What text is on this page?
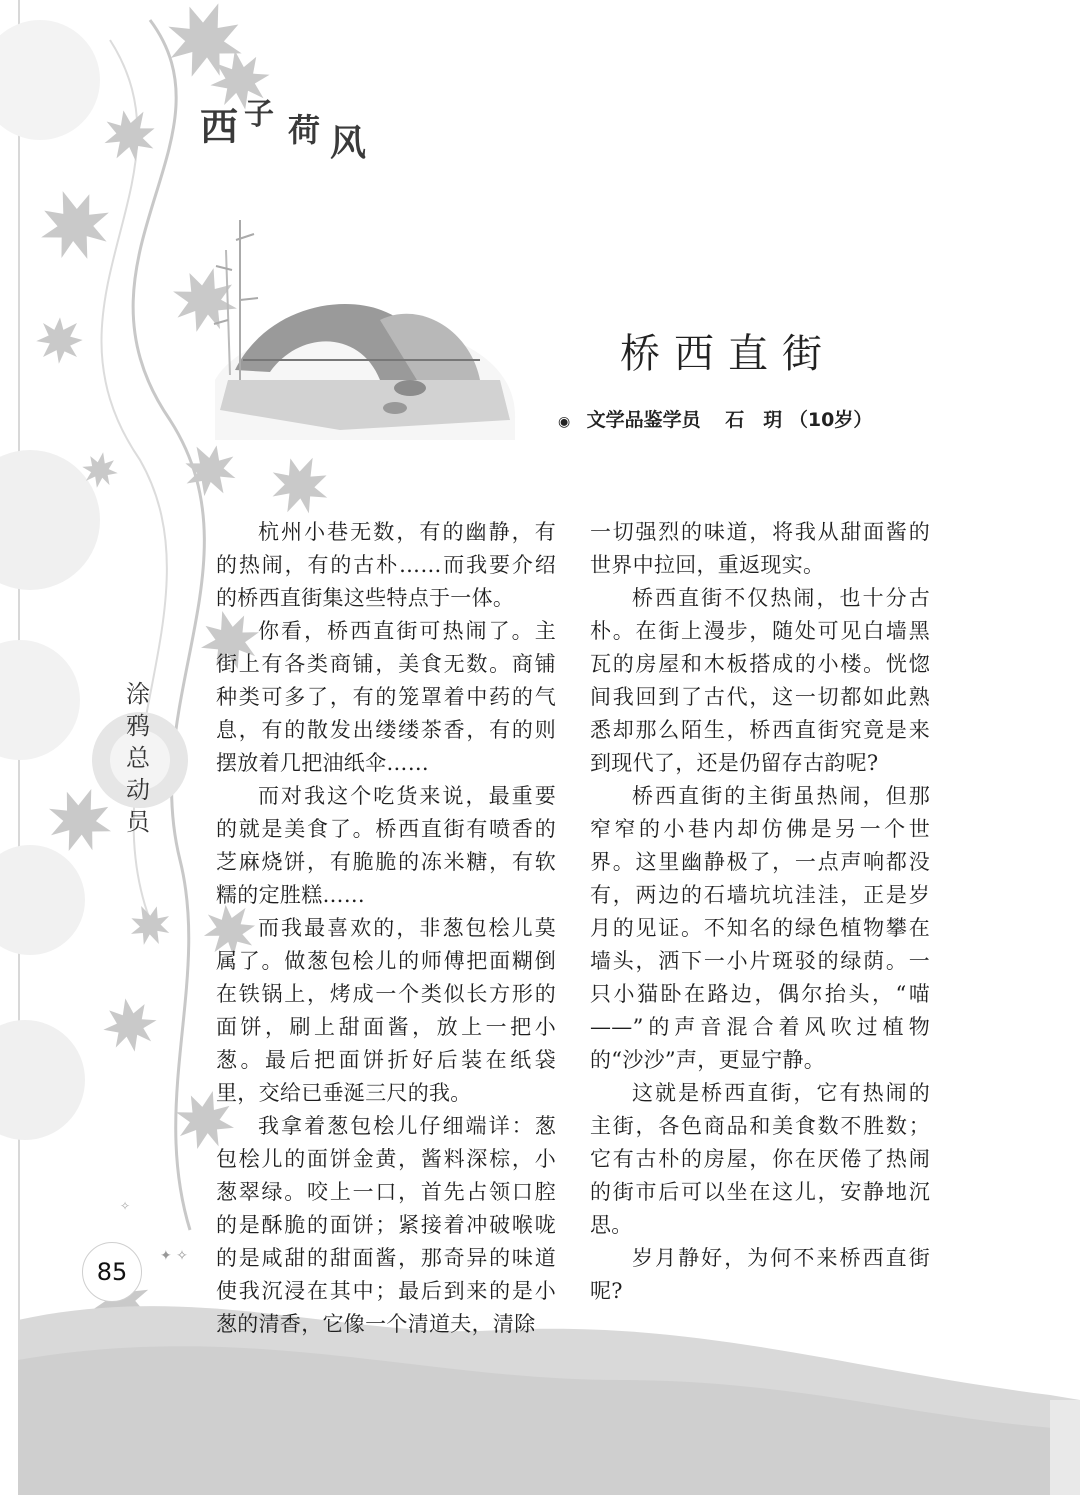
✦ ✧
✧
西 子 荷 风
桥西直街
◉ 文学品鉴学员 石　玥 （10岁）
涂
鸦
总
动
员

杭州小巷无数，有的幽静，有的热闹，有的古朴……而我要介绍的桥西直街集这些特点于一体。

你看，桥西直街可热闹了。主街上有各类商铺，美食无数。商铺种类可多了，有的笼罩着中药的气息，有的散发出缕缕茶香，有的则摆放着几把油纸伞……

而对我这个吃货来说，最重要的就是美食了。桥西直街有喷香的芝麻烧饼，有脆脆的冻米糖，有软糯的定胜糕……

而我最喜欢的，非葱包桧儿莫属了。做葱包桧儿的师傅把面糊倒在铁锅上，烤成一个类似长方形的面饼，刷上甜面酱，放上一把小葱。最后把面饼折好后装在纸袋里，交给已垂涎三尺的我。

我拿着葱包桧儿仔细端详：葱包桧儿的面饼金黄，酱料深棕，小葱翠绿。咬上一口，首先占领口腔的是酥脆的面饼；紧接着冲破喉咙的是咸甜的甜面酱，那奇异的味道使我沉浸在其中；最后到来的是小葱的清香，它像一个清道夫，清除

一切强烈的味道，将我从甜面酱的世界中拉回，重返现实。

桥西直街不仅热闹，也十分古朴。在街上漫步，随处可见白墙黑瓦的房屋和木板搭成的小楼。恍惚间我回到了古代，这一切都如此熟悉却那么陌生，桥西直街究竟是来到现代了，还是仍留存古韵呢?

桥西直街的主街虽热闹，但那窄窄的小巷内却仿佛是另一个世界。这里幽静极了，一点声响都没有，两边的石墙坑坑洼洼，正是岁月的见证。不知名的绿色植物攀在墙头，洒下一小片斑驳的绿荫。一只小猫卧在路边，偶尔抬头，“喵——”的声音混合着风吹过植物的“沙沙”声，更显宁静。

这就是桥西直街，它有热闹的主街，各色商品和美食数不胜数；它有古朴的房屋，你在厌倦了热闹的街市后可以坐在这儿，安静地沉思。

岁月静好，为何不来桥西直街呢?

85
